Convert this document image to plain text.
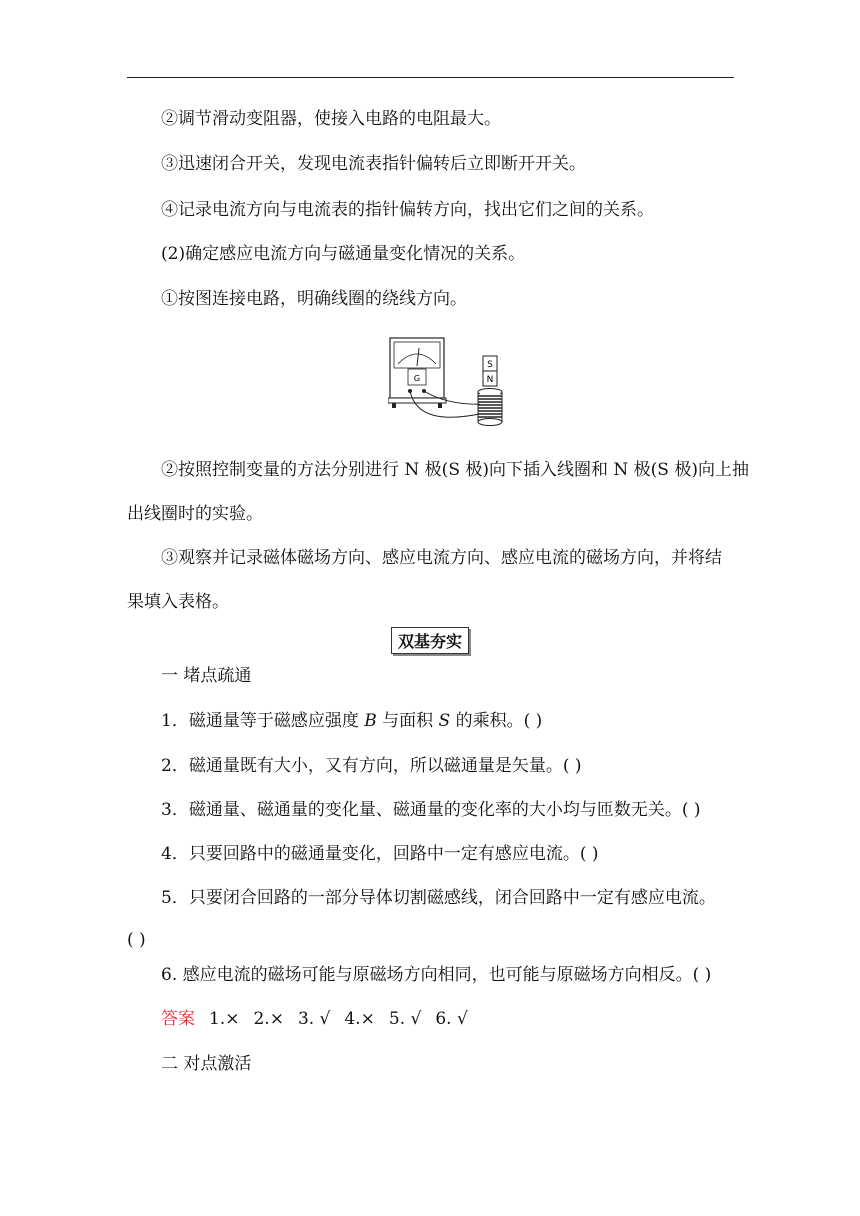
②调节滑动变阻器，使接入电路的电阻最大。
③迅速闭合开关，发现电流表指针偏转后立即断开开关。
④记录电流方向与电流表的指针偏转方向，找出它们之间的关系。
(2)确定感应电流方向与磁通量变化情况的关系。
①按图连接电路，明确线圈的绕线方向。
G
S
N
②按照控制变量的方法分别进行 N 极(S 极)向下插入线圈和 N 极(S 极)向上抽
出线圈时的实验。
③观察并记录磁体磁场方向、感应电流方向、感应电流的磁场方向，并将结
果填入表格。
双基夯实
一 堵点疏通
1．磁通量等于磁感应强度 B 与面积 S 的乘积。( )
2．磁通量既有大小，又有方向，所以磁通量是矢量。( )
3．磁通量、磁通量的变化量、磁通量的变化率的大小均与匝数无关。( )
4．只要回路中的磁通量变化，回路中一定有感应电流。( )
5．只要闭合回路的一部分导体切割磁感线，闭合回路中一定有感应电流。
( )
6. 感应电流的磁场可能与原磁场方向相同，也可能与原磁场方向相反。( )
答案 1.× 2.× 3. √ 4.× 5. √ 6. √
二 对点激活
